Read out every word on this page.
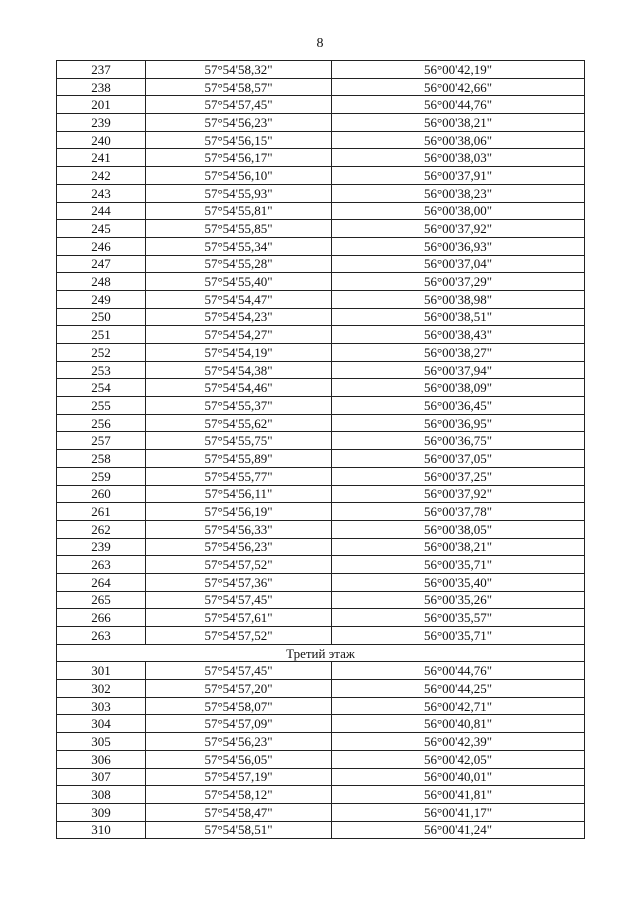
8
237	57°54'58,32"	56°00'42,19"
238	57°54'58,57"	56°00'42,66"
201	57°54'57,45"	56°00'44,76"
239	57°54'56,23"	56°00'38,21"
240	57°54'56,15"	56°00'38,06"
241	57°54'56,17"	56°00'38,03"
242	57°54'56,10"	56°00'37,91"
243	57°54'55,93"	56°00'38,23"
244	57°54'55,81"	56°00'38,00"
245	57°54'55,85"	56°00'37,92"
246	57°54'55,34"	56°00'36,93"
247	57°54'55,28"	56°00'37,04"
248	57°54'55,40"	56°00'37,29"
249	57°54'54,47"	56°00'38,98"
250	57°54'54,23"	56°00'38,51"
251	57°54'54,27"	56°00'38,43"
252	57°54'54,19"	56°00'38,27"
253	57°54'54,38"	56°00'37,94"
254	57°54'54,46"	56°00'38,09"
255	57°54'55,37"	56°00'36,45"
256	57°54'55,62"	56°00'36,95"
257	57°54'55,75"	56°00'36,75"
258	57°54'55,89"	56°00'37,05"
259	57°54'55,77"	56°00'37,25"
260	57°54'56,11"	56°00'37,92"
261	57°54'56,19"	56°00'37,78"
262	57°54'56,33"	56°00'38,05"
239	57°54'56,23"	56°00'38,21"
263	57°54'57,52"	56°00'35,71"
264	57°54'57,36"	56°00'35,40"
265	57°54'57,45"	56°00'35,26"
266	57°54'57,61"	56°00'35,57"
263	57°54'57,52"	56°00'35,71"
Третий этаж		
301	57°54'57,45"	56°00'44,76"
302	57°54'57,20"	56°00'44,25"
303	57°54'58,07"	56°00'42,71"
304	57°54'57,09"	56°00'40,81"
305	57°54'56,23"	56°00'42,39"
306	57°54'56,05"	56°00'42,05"
307	57°54'57,19"	56°00'40,01"
308	57°54'58,12"	56°00'41,81"
309	57°54'58,47"	56°00'41,17"
310	57°54'58,51"	56°00'41,24"
